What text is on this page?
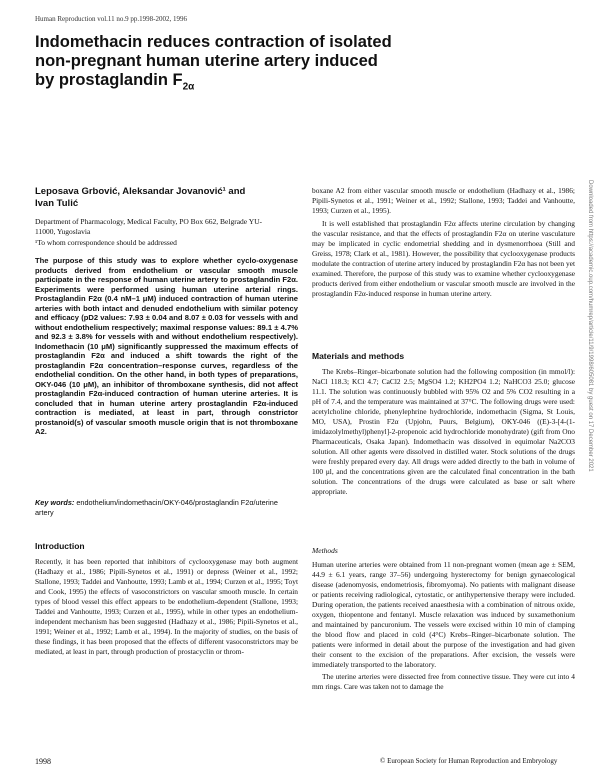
Human Reproduction vol.11 no.9 pp.1998-2002, 1996
Indomethacin reduces contraction of isolated non-pregnant human uterine artery induced by prostaglandin $F_{2\alpha}$
Leposava Grbović, Aleksandar Jovanović¹ and Ivan Tulić

Department of Pharmacology, Medical Faculty, PO Box 662, Belgrade YU-11000, Yugoslavia

¹To whom correspondence should be addressed

The purpose of this study was to explore whether cyclo-oxygenase products derived from endothelium or vascular smooth muscle participate in the response of human uterine artery to prostaglandin F2α. Experiments were performed using human uterine arterial rings. Prostaglandin F2α (0.4 nM–1 μM) induced contraction of human uterine arteries with both intact and denuded endothelium with similar potency and efficacy (pD2 values: 7.93 ± 0.04 and 8.07 ± 0.03 for vessels with and without endothelium respectively; maximal response values: 89.1 ± 4.7% and 92.3 ± 3.8% for vessels with and without endothelium respectively). Indomethacin (10 μM) significantly suppressed the maximum effects of prostaglandin F2α and induced a shift towards the right of the prostaglandin F2α concentration–response curves, regardless of the endothelial condition. On the other hand, in both types of preparations, OKY-046 (10 μM), an inhibitor of thromboxane synthesis, did not affect prostaglandin F2α-induced contraction of human uterine arteries. It is concluded that in human uterine artery prostaglandin F2α-induced contraction is mediated, at least in part, through constrictor prostanoid(s) of vascular smooth muscle origin that is not thromboxane A2.
Key words: endothelium/indomethacin/OKY-046/prostaglandin F2α/uterine artery
Introduction

Recently, it has been reported that inhibitors of cyclooxygenase may both augment (Hadhazy et al., 1986; Pipili-Synetos et al., 1991) or depress (Weiner et al., 1992; Stallone, 1993; Taddei and Vanhoutte, 1993; Lamb et al., 1994; Curzen et al., 1995; Toyt and Cook, 1995) the effects of vasoconstrictors on vascular smooth muscle. In certain types of blood vessel this effect appears to be endothelium-dependent (Stallone, 1993; Taddei and Vanhoutte, 1993; Curzen et al., 1995), while in other types an endothelium-independent mechanism has been suggested (Hadhazy et al., 1986; Pipili-Synetos et al., 1991; Weiner et al., 1992; Lamb et al., 1994). In the majority of studies, on the basis of these findings, it has been proposed that the effects of different vasoconstrictors may be mediated, at least in part, through production of prostacyclin or throm-

boxane A2 from either vascular smooth muscle or endothelium (Hadhazy et al., 1986; Pipili-Synetos et al., 1991; Weiner et al., 1992; Stallone, 1993; Taddei and Vanhoutte, 1993; Curzen et al., 1995).

It is well established that prostaglandin F2α affects uterine circulation by changing the vascular resistance, and that the effects of prostaglandin F2α on uterine vasculature may be implicated in cyclic endometrial shedding and in dysmenorrhoea (Still and Greiss, 1978; Clark et al., 1981). However, the possibility that cyclooxygenase products modulate the contraction of uterine artery induced by prostaglandin F2α has not been yet examined. Therefore, the purpose of this study was to examine whether cyclooxygenase products derived from either endothelium or vascular smooth muscle are involved in the prostaglandin F2α-induced response in human uterine artery.

Materials and methods

The Krebs–Ringer–bicarbonate solution had the following composition (in mmol/l): NaCl 118.3; KCl 4.7; CaCl2 2.5; MgSO4 1.2; KH2PO4 1.2; NaHCO3 25.0; glucose 11.1. The solution was continuously bubbled with 95% O2 and 5% CO2 resulting in a pH of 7.4, and the temperature was maintained at 37°C. The following drugs were used: acetylcholine chloride, phenylephrine hydrochloride, indomethacin (Sigma, St Louis, MO, USA), Prostin F2α (Upjohn, Puurs, Belgium), OKY-046 ((E)-3-[4-(1-imidazolylmethyl)phenyl]-2-propenoic acid hydrochloride monohydrate) (gift from Ono Pharmaceuticals, Osaka Japan). Indomethacin was dissolved in equimolar Na2CO3 solution. All other agents were dissolved in distilled water. Stock solutions of the drugs were freshly prepared every day. All drugs were added directly to the bath in volume of 100 μl, and the concentrations given are the calculated final concentration in the bath solution. The concentrations of the drugs were calculated as base or salt where appropriate.

Methods

Human uterine arteries were obtained from 11 non-pregnant women (mean age ± SEM, 44.9 ± 6.1 years, range 37–56) undergoing hysterectomy for benign gynaecological disease (adenomyosis, endometriosis, fibromyoma). No patients with malignant disease or patients receiving radiological, cytostatic, or antihypertensive therapy were included. During operation, the patients received anaesthesia with a combination of nitrous oxide, oxygen, thiopentone and fentanyl. Muscle relaxation was induced by suxamethonium and maintained by pancuronium. The vessels were excised within 10 min of clamping the blood flow and placed in cold (4°C) Krebs–Ringer–bicarbonate solution. The patients were informed in detail about the purpose of the investigation and had given their consent to the excision of the preparations. After excision, the vessels were immediately transported to the laboratory.

The uterine arteries were dissected free from connective tissue. They were cut into 4 mm rings. Care was taken not to damage the

1998	© European Society for Human Reproduction and Embryology
Downloaded from https://academic.oup.com/humrep/article/11/9/1998/605081 by guest on 17 December 2021
